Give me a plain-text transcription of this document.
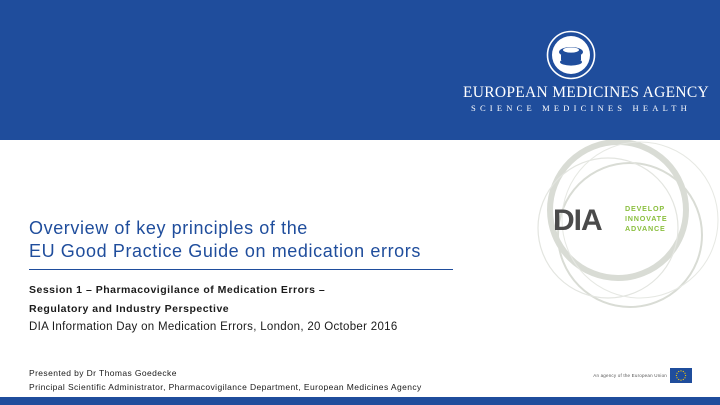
EUROPEAN MEDICINES AGENCY
SCIENCE MEDICINES HEALTH
DIA	DEVELOP
INNOVATE
ADVANCE
Overview of key principles of the
EU Good Practice Guide on medication errors
Session 1 – Pharmacovigilance of Medication Errors –
Regulatory and Industry Perspective
DIA Information Day on Medication Errors, London, 20 October 2016
Presented by Dr Thomas Goedecke
Principal Scientific Administrator, Pharmacovigilance Department, European Medicines Agency
An agency of the European Union
